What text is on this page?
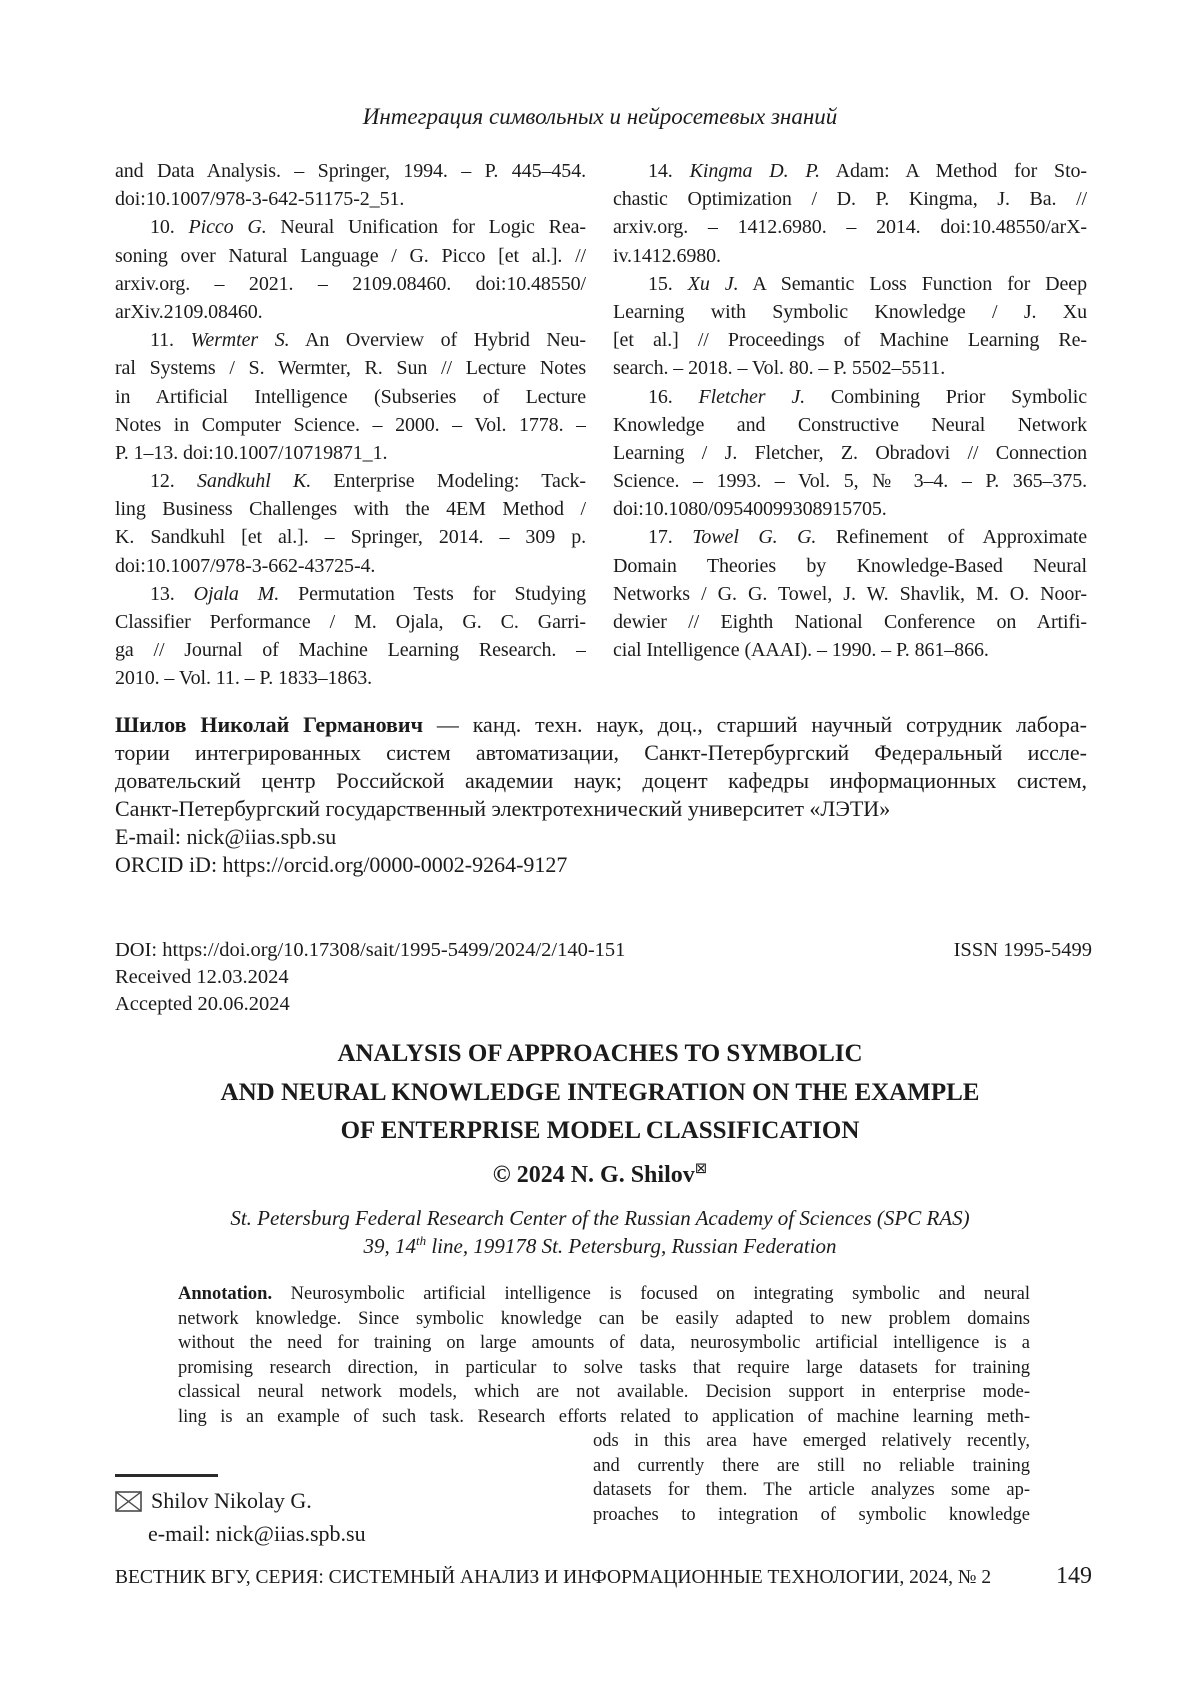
Интеграция символьных и нейросетевых знаний
and Data Analysis. – Springer, 1994. – P. 445–454.
doi:10.1007/978-3-642-51175-2_51.
10. Picco G. Neural Unification for Logic Rea-
soning over Natural Language / G. Picco [et al.]. //
arxiv.org. – 2021. – 2109.08460. doi:10.48550/
arXiv.2109.08460.
11. Wermter S. An Overview of Hybrid Neu-
ral Systems / S. Wermter, R. Sun // Lecture Notes
in Artificial Intelligence (Subseries of Lecture
Notes in Computer Science. – 2000. – Vol. 1778. –
P. 1–13. doi:10.1007/10719871_1.
12. Sandkuhl K. Enterprise Modeling: Tack-
ling Business Challenges with the 4EM Method /
K. Sandkuhl [et al.]. – Springer, 2014. – 309 p.
doi:10.1007/978-3-662-43725-4.
13. Ojala M. Permutation Tests for Studying
Classifier Performance / M. Ojala, G. C. Garri-
ga // Journal of Machine Learning Research. –
2010. – Vol. 11. – P. 1833–1863.
14. Kingma D. P. Adam: A Method for Sto-
chastic Optimization / D. P. Kingma, J. Ba. //
arxiv.org. – 1412.6980. – 2014. doi:10.48550/arX-
iv.1412.6980.
15. Xu J. A Semantic Loss Function for Deep
Learning with Symbolic Knowledge / J. Xu
[et al.] // Proceedings of Machine Learning Re-
search. – 2018. – Vol. 80. – P. 5502–5511.
16. Fletcher J. Combining Prior Symbolic
Knowledge and Constructive Neural Network
Learning / J. Fletcher, Z. Obradovi // Connection
Science. – 1993. – Vol. 5, № 3–4. – P. 365–375.
doi:10.1080/09540099308915705.
17. Towel G. G. Refinement of Approximate
Domain Theories by Knowledge-Based Neural
Networks / G. G. Towel, J. W. Shavlik, M. O. Noor-
dewier // Eighth National Conference on Artifi-
cial Intelligence (AAAI). – 1990. – P. 861–866.
Шилов Николай Германович — канд. техн. наук, доц., старший научный сотрудник лабора-
тории интегрированных систем автоматизации, Санкт-Петербургский Федеральный иссле-
довательский центр Российской академии наук; доцент кафедры информационных систем,
Санкт-Петербургский государственный электротехнический университет «ЛЭТИ»
E-mail: nick@iias.spb.su
ORCID iD: https://orcid.org/0000-0002-9264-9127
DOI: https://doi.org/10.17308/sait/1995-5499/2024/2/140-151	ISSN 1995-5499
Received 12.03.2024
Accepted 20.06.2024
ANALYSIS OF APPROACHES TO SYMBOLIC
AND NEURAL KNOWLEDGE INTEGRATION ON THE EXAMPLE
OF ENTERPRISE MODEL CLASSIFICATION
© 2024 N. G. Shilov⊠
St. Petersburg Federal Research Center of the Russian Academy of Sciences (SPC RAS)
39, 14th line, 199178 St. Petersburg, Russian Federation
Annotation. Neurosymbolic artificial intelligence is focused on integrating symbolic and neural
network knowledge. Since symbolic knowledge can be easily adapted to new problem domains
without the need for training on large amounts of data, neurosymbolic artificial intelligence is a
promising research direction, in particular to solve tasks that require large datasets for training
classical neural network models, which are not available. Decision support in enterprise mode-
ling is an example of such task. Research efforts related to application of machine learning meth-
ods in this area have emerged relatively recently,
and currently there are still no reliable training
datasets for them. The article analyzes some ap-
proaches to integration of symbolic knowledge
Shilov Nikolay G.
e-mail: nick@iias.spb.su
ВЕСТНИК ВГУ, СЕРИЯ: СИСТЕМНЫЙ АНАЛИЗ И ИНФОРМАЦИОННЫЕ ТЕХНОЛОГИИ, 2024, № 2	149
